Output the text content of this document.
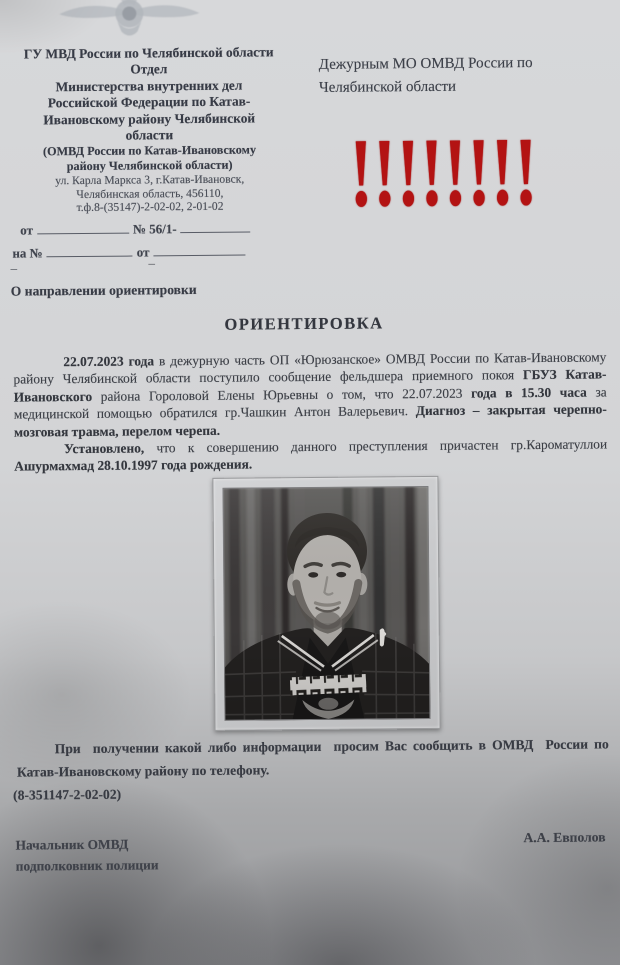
ГУ МВД России по Челябинской области
Отдел
Министерства внутренних дел
Российской Федерации по Катав-
Ивановскому району Челябинской
области
(ОМВД России по Катав-Ивановскому
району Челябинской области)
ул. Карла Маркса 3, г.Катав-Ивановск,
Челябинская область, 456110,
т.ф.8-(35147)-2-02-02, 2-01-02
от	№ 56/1-
на №	от
Дежурным МО ОМВД России по
Челябинской области
!!!!!!!!
–	–
О направлении ориентировки
ОРИЕНТИРОВКА

22.07.2023 года в дежурную часть ОП «Юрюзанское» ОМВД России по Катав-Ивановскому району Челябинской области поступило сообщение фельдшера приемного покоя ГБУЗ Катав-Ивановского района Гороловой Елены Юрьевны о том, что 22.07.2023 года в 15.30 часа за медицинской помощью обратился гр.Чашкин Антон Валерьевич. Диагноз – закрытая черепно-мозговая травма, перелом черепа.

Установлено, что к совершению данного преступления причастен гр.Кароматуллои Ашурмахмад 28.10.1997 года рождения.

При  получении какой либо информации  просим Вас сообщить в ОМВД  России по Катав-Ивановскому району по телефону.

(8-351147-2-02-02)
Начальник ОМВД
подполковник полиции
А.А. Евполов
